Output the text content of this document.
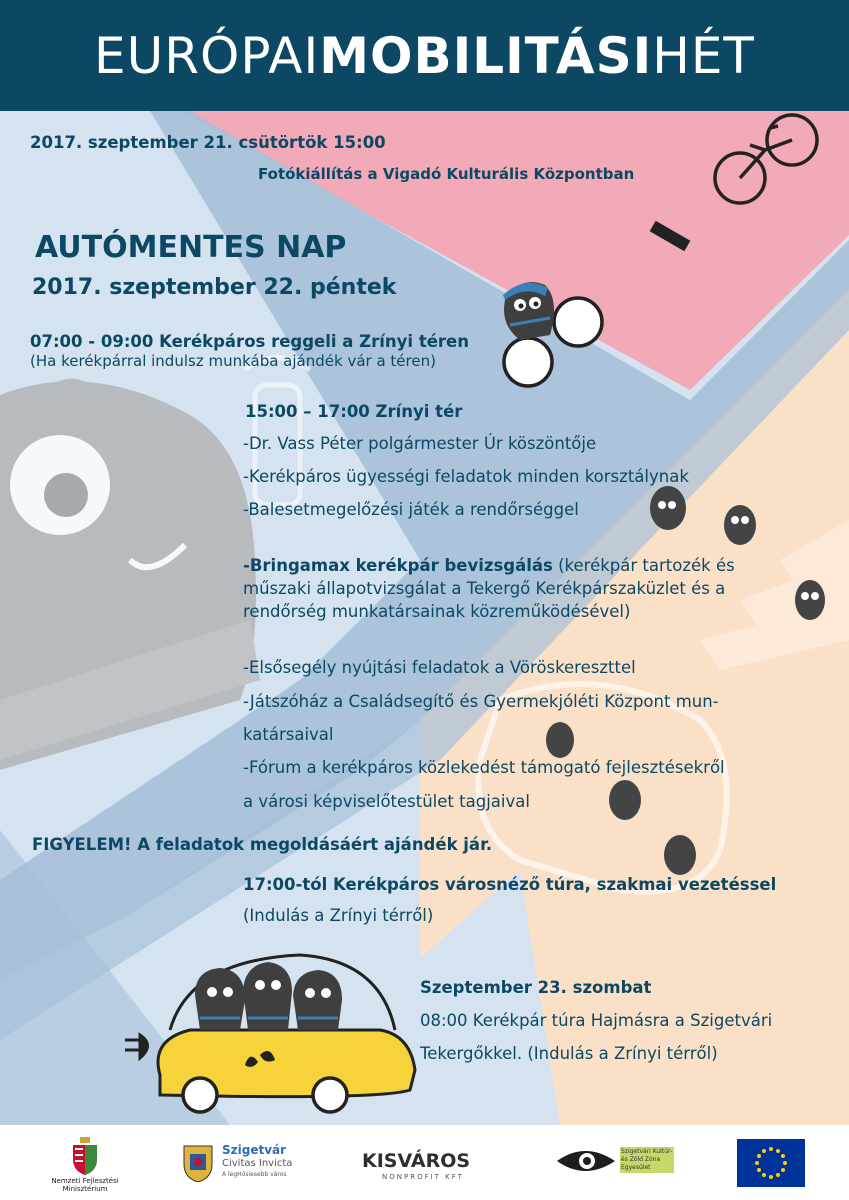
EURÓPAI MOBILITÁSI HÉT
2017. szeptember 21. csütörtök 15:00
Fotókiállítás a Vigadó Kulturális Központban
AUTÓMENTES NAP
2017. szeptember 22. péntek
07:00 - 09:00 Kerékpáros reggeli a Zrínyi téren
(Ha kerékpárral indulsz munkába ajándék vár a téren)
15:00 – 17:00 Zrínyi tér
-Dr. Vass Péter polgármester Úr köszöntője
-Kerékpáros ügyességi feladatok minden korsztálynak
-Balesetmegelőzési játék a rendőrséggel
-Bringamax kerékpár bevizsgálás (kerékpár tartozék és
műszaki állapotvizsgálat a Tekergő Kerékpárszaküzlet és a
rendőrség munkatársainak közreműködésével)
-Elsősegély nyújtási feladatok a Vöröskereszttel
-Játszóház a Családsegítő és Gyermekjóléti Központ mun-
katársaival
-Fórum a kerékpáros közlekedést támogató fejlesztésekről
a városi képviselőtestület tagjaival
FIGYELEM! A feladatok megoldásáért ajándék jár.
17:00-tól Kerékpáros városnéző túra, szakmai vezetéssel
(Indulás a Zrínyi térről)
Szeptember 23. szombat
08:00 Kerékpár túra Hajmásra a Szigetvári
Tekergőkkel. (Indulás a Zrínyi térről)
Nemzeti Fejlesztési Minisztérium
Szigetvár
Civitas Invicta
A legHősiesebb város
KISVÁROS
NONPROFIT KFT
Szigetvári Kultúr- és Zöld Zóna Egyesület
